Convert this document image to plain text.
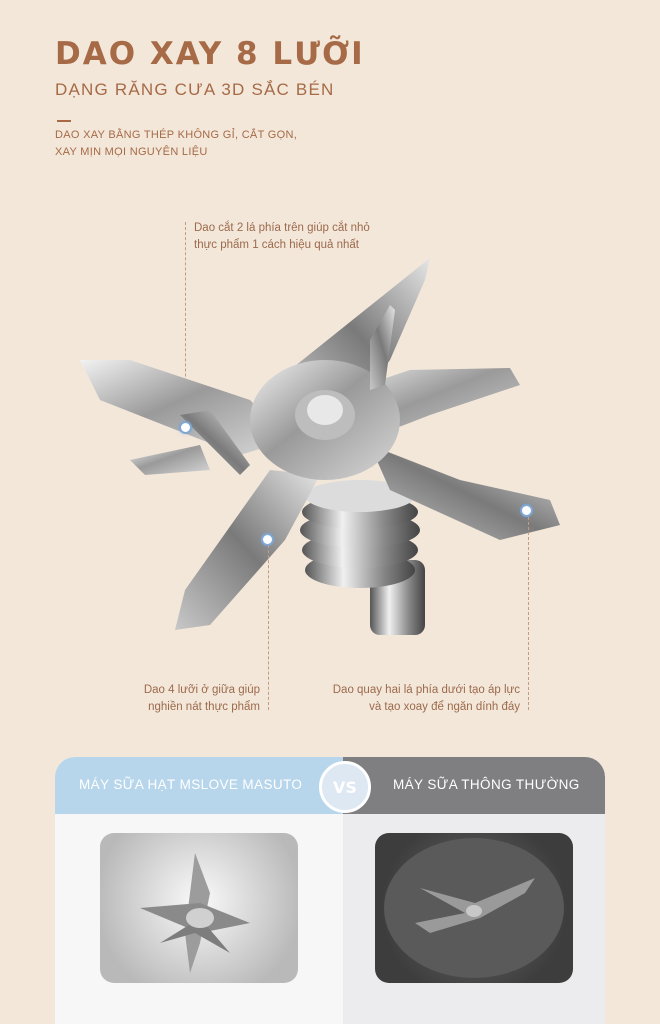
DAO XAY 8 LƯỠI
DẠNG RĂNG CƯA 3D SẮC BÉN
DAO XAY BẰNG THÉP KHÔNG GỈ, CẮT GỌN,
XAY MỊN MỌI NGUYÊN LIỆU
Dao cắt 2 lá phía trên giúp cắt nhỏ
thực phẩm 1 cách hiệu quả nhất
Dao 4 lưỡi ở giữa giúp
nghiền nát thực phẩm
Dao quay hai lá phía dưới tạo áp lực
và tạo xoay để ngăn dính đáy
MÁY SỮA HẠT MSLOVE MASUTO	MÁY SỮA THÔNG THƯỜNG
VS
